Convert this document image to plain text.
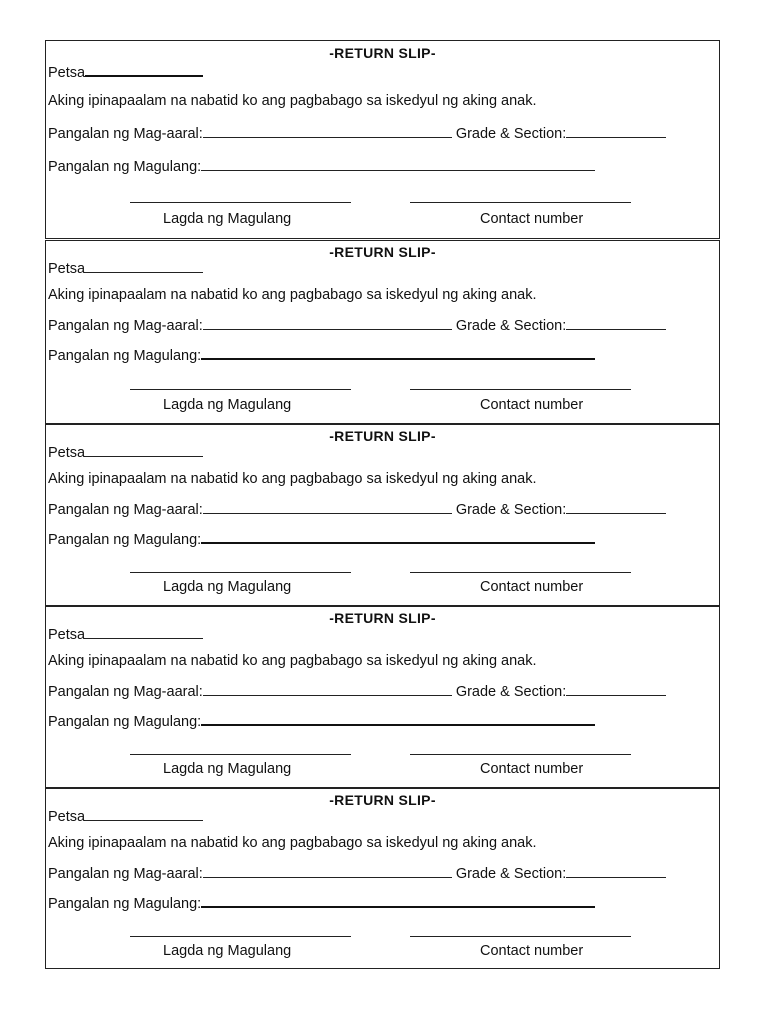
-RETURN SLIP-
Petsa
Aking ipinapaalam na nabatid ko ang pagbabago sa iskedyul ng aking anak.
Pangalan ng Mag-aaral:	Grade & Section:
Pangalan ng Magulang:
Lagda ng Magulang	Contact number
-RETURN SLIP-
Petsa
Aking ipinapaalam na nabatid ko ang pagbabago sa iskedyul ng aking anak.
Pangalan ng Mag-aaral:	Grade & Section:
Pangalan ng Magulang:
Lagda ng Magulang	Contact number
-RETURN SLIP-
Petsa
Aking ipinapaalam na nabatid ko ang pagbabago sa iskedyul ng aking anak.
Pangalan ng Mag-aaral:	Grade & Section:
Pangalan ng Magulang:
Lagda ng Magulang	Contact number
-RETURN SLIP-
Petsa
Aking ipinapaalam na nabatid ko ang pagbabago sa iskedyul ng aking anak.
Pangalan ng Mag-aaral:	Grade & Section:
Pangalan ng Magulang:
Lagda ng Magulang	Contact number
-RETURN SLIP-
Petsa
Aking ipinapaalam na nabatid ko ang pagbabago sa iskedyul ng aking anak.
Pangalan ng Mag-aaral:	Grade & Section:
Pangalan ng Magulang:
Lagda ng Magulang	Contact number
